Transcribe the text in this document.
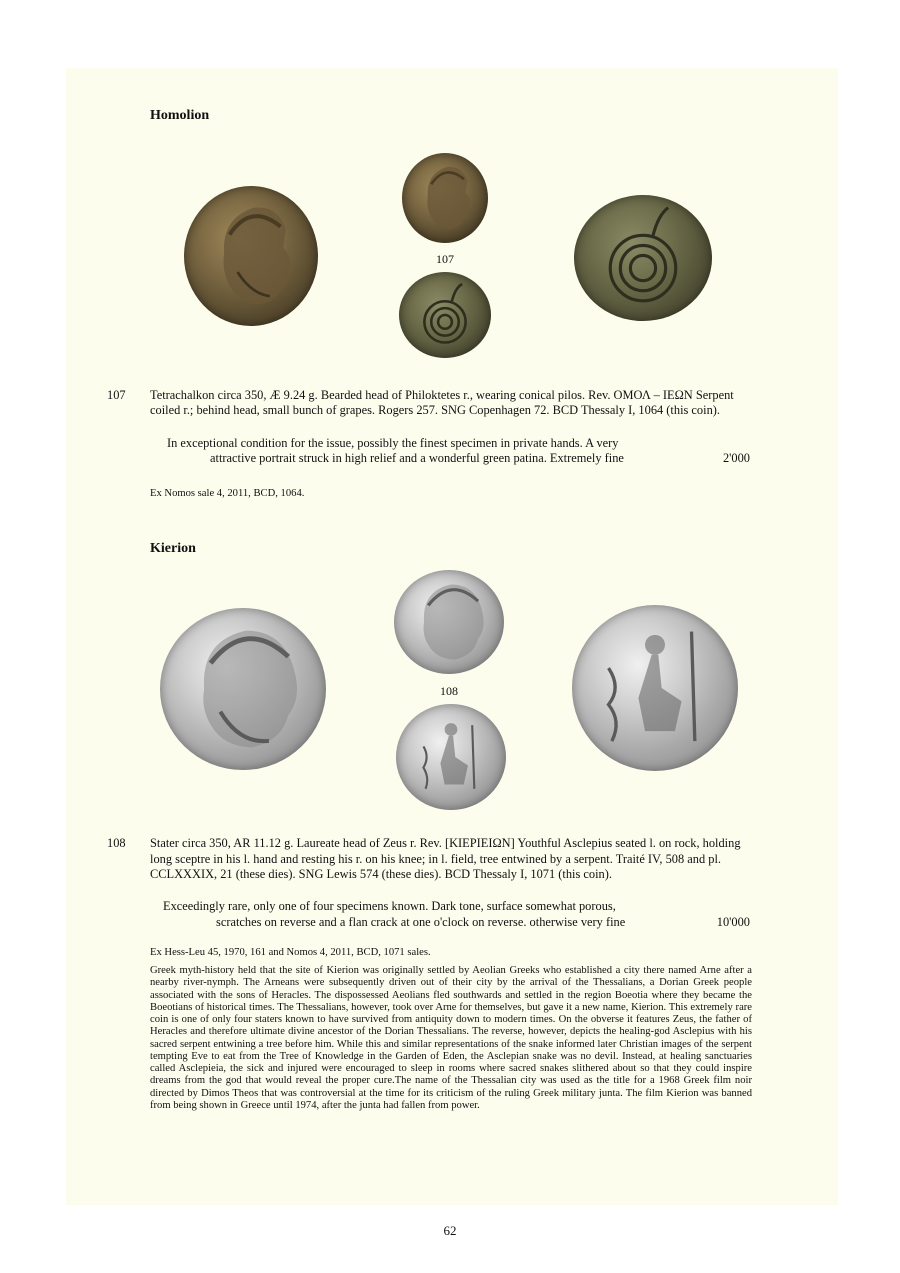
Homolion
107
107 Tetrachalkon circa 350, Æ 9.24 g. Bearded head of Philoktetes r., wearing conical pilos. Rev. ΟΜΟΛ – ΙΕΩΝ Serpent coiled r.; behind head, small bunch of grapes. Rogers 257. SNG Copenhagen 72. BCD Thessaly I, 1064 (this coin).
In exceptional condition for the issue, possibly the finest specimen in private hands. A very
attractive portrait struck in high relief and a wonderful green patina. Extremely fine	2'000
Ex Nomos sale 4, 2011, BCD, 1064.
Kierion
108
108 Stater circa 350, AR 11.12 g. Laureate head of Zeus r. Rev. [ΚΙΕΡΙΕΙΩΝ] Youthful Asclepius seated l. on rock, holding long sceptre in his l. hand and resting his r. on his knee; in l. field, tree entwined by a serpent. Traité IV, 508 and pl. CCLXXXIX, 21 (these dies). SNG Lewis 574 (these dies). BCD Thessaly I, 1071 (this coin).
Exceedingly rare, only one of four specimens known. Dark tone, surface somewhat porous,
scratches on reverse and a flan crack at one o'clock on reverse. otherwise very fine	10'000
Ex Hess-Leu 45, 1970, 161 and Nomos 4, 2011, BCD, 1071 sales.
Greek myth-history held that the site of Kierion was originally settled by Aeolian Greeks who established a city there named Arne after a nearby river-nymph. The Arneans were subsequently driven out of their city by the arrival of the Thessalians, a Dorian Greek people associated with the sons of Heracles. The dispossessed Aeolians fled southwards and settled in the region Boeotia where they became the Boeotians of historical times. The Thessalians, however, took over Arne for themselves, but gave it a new name, Kierion. This extremely rare coin is one of only four staters known to have survived from antiquity down to modern times. On the obverse it features Zeus, the father of Heracles and therefore ultimate divine ancestor of the Dorian Thessalians. The reverse, however, depicts the healing-god Asclepius with his sacred serpent entwining a tree before him. While this and similar representations of the snake informed later Christian images of the serpent tempting Eve to eat from the Tree of Knowledge in the Garden of Eden, the Asclepian snake was no devil. Instead, at healing sanctuaries called Asclepieia, the sick and injured were encouraged to sleep in rooms where sacred snakes slithered about so that they could inspire dreams from the god that would reveal the proper cure.The name of the Thessalian city was used as the title for a 1968 Greek film noir directed by Dimos Theos that was controversial at the time for its criticism of the ruling Greek military junta. The film Kierion was banned from being shown in Greece until 1974, after the junta had fallen from power.
62
